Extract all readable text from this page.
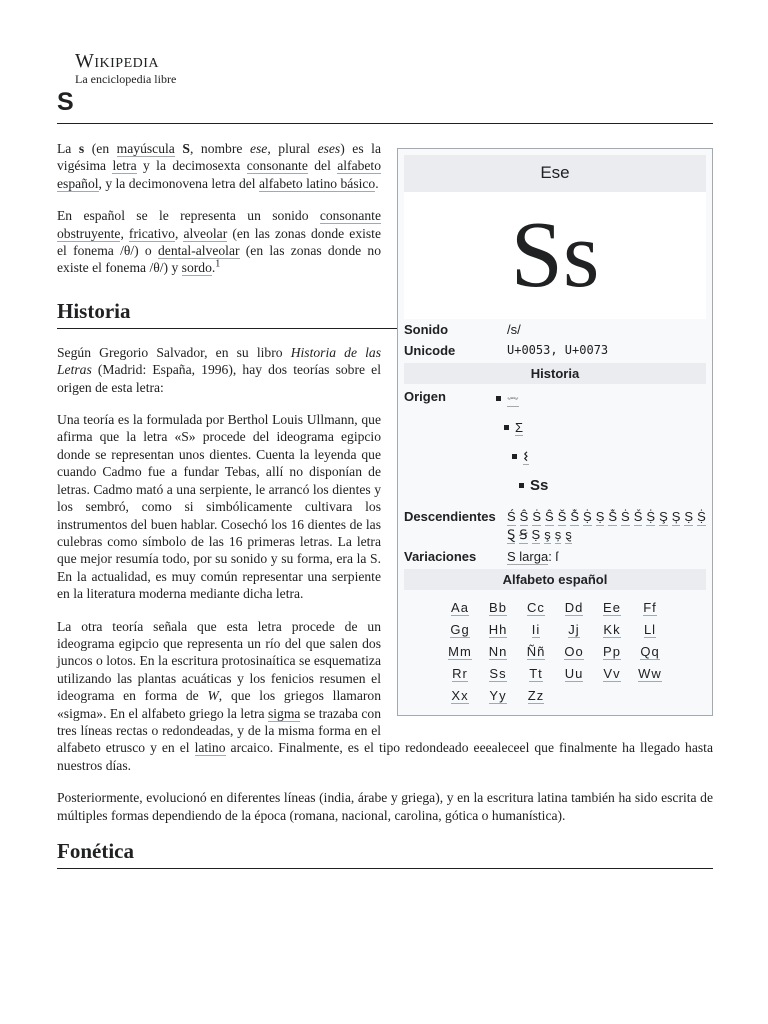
Wikipedia
La enciclopedia libre
S
Ese
Ss
Sonido	/s/
Unicode	U+0053, U+0073
Historia
Origen	𓌓
Σ
𐌔
Ss
Descendientes Ś Ŝ Ṡ Ŝ Š Ṧ Ṩ Ṣ Ṧ Ṡ Ṥ Ṩ Ş Ș Ṣ Ṩ
Ȿ Ꞩ Ṣ ş ș ȿ
Variaciones	S larga: ſ
Alfabeto español
Aa	Bb	Cc	Dd	Ee	Ff
Gg	Hh	Ii	Jj	Kk	Ll
Mm	Nn	Ññ	Oo	Pp	Qq
Rr	Ss	Tt	Uu	Vv	Ww
Xx	Yy	Zz

La s (en mayúscula S, nombre ese, plural eses) es la vigésima letra y la decimosexta consonante del alfabeto español, y la decimonovena letra del alfabeto latino básico.

En español se le representa un sonido consonante obstruyente, fricativo, alveolar (en las zonas donde existe el fonema /θ/) o dental-alveolar (en las zonas donde no existe el fonema /θ/) y sordo.$^1$

Historia

Según Gregorio Salvador, en su libro Historia de las Letras (Madrid: España, 1996), hay dos teorías sobre el origen de esta letra:

Una teoría es la formulada por Berthol Louis Ullmann, que afirma que la letra «S» procede del ideograma egipcio donde se representan unos dientes. Cuenta la leyenda que cuando Cadmo fue a fundar Tebas, allí no disponían de letras. Cadmo mató a una serpiente, le arrancó los dientes y los sembró, como si simbólicamente cultivara los instrumentos del buen hablar. Cosechó los 16 dientes de las culebras como símbolo de las 16 primeras letras. La letra que mejor resumía todo, por su sonido y su forma, era la S. En la actualidad, es muy común representar una serpiente en la literatura moderna mediante dicha letra.

La otra teoría señala que esta letra procede de un ideograma egipcio que representa un río del que salen dos juncos o lotos. En la escritura protosinaítica se esquematiza utilizando las plantas acuáticas y los fenicios resumen el ideograma en forma de W, que los griegos llamaron «sigma». En el alfabeto griego la letra sigma se trazaba con tres líneas rectas o redondeadas, y de la misma forma en el alfabeto etrusco y en el latino arcaico. Finalmente, es el tipo redondeado eeealeceel que finalmente ha llegado hasta nuestros días.

Posteriormente, evolucionó en diferentes líneas (india, árabe y griega), y en la escritura latina también ha sido escrita de múltiples formas dependiendo de la época (romana, nacional, carolina, gótica o humanística).

Fonética
